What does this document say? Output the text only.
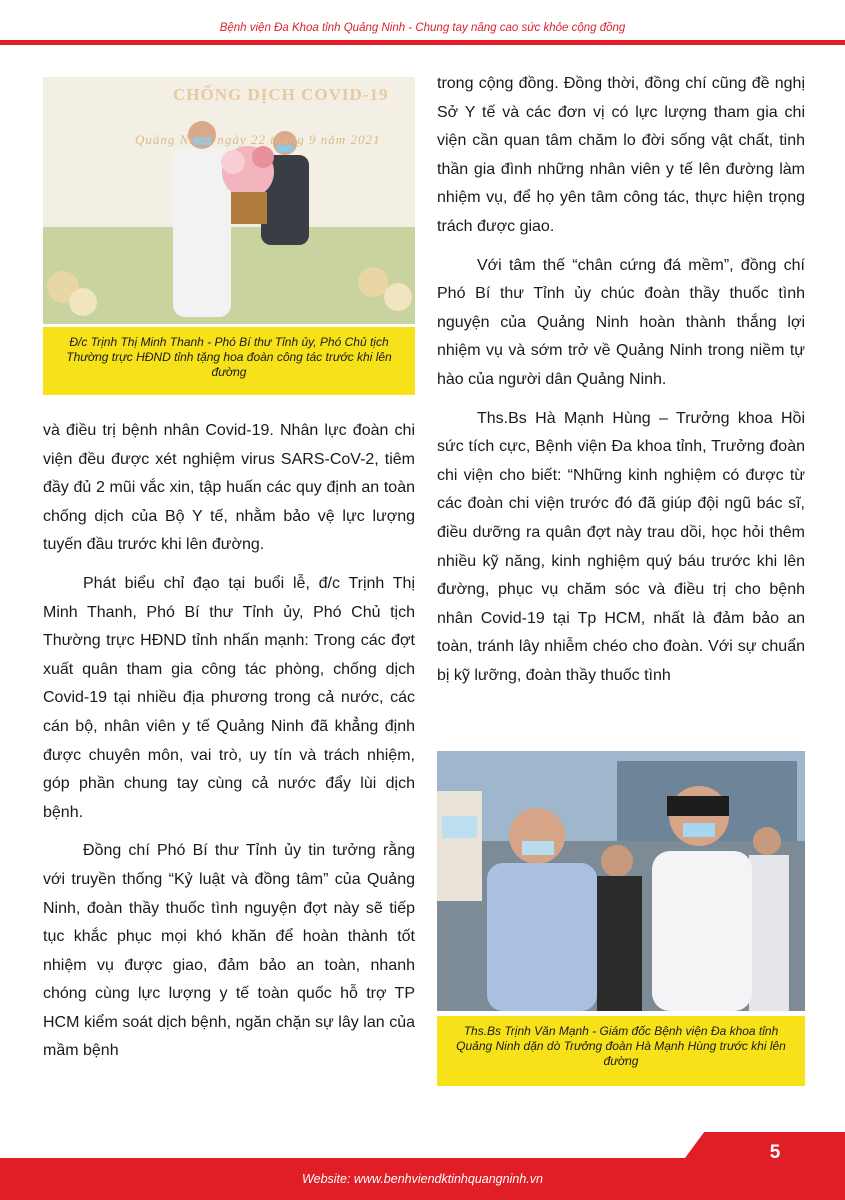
Bệnh viện Đa Khoa tỉnh Quảng Ninh - Chung tay nâng cao sức khỏe cộng đồng
CHỐNG DỊCH COVID-19
Quảng Ninh, ngày 22 tháng 9 năm 2021
Đ/c Trịnh Thị Minh Thanh - Phó Bí thư Tỉnh ủy, Phó Chủ tịch Thường trực HĐND tỉnh tặng hoa đoàn công tác trước khi lên đường

và điều trị bệnh nhân Covid-19. Nhân lực đoàn chi viện đều được xét nghiệm virus SARS-CoV-2, tiêm đầy đủ 2 mũi vắc xin, tập huấn các quy định an toàn chống dịch của Bộ Y tế, nhằm bảo vệ lực lượng tuyến đầu trước khi lên đường.

Phát biểu chỉ đạo tại buổi lễ, đ/c Trịnh Thị Minh Thanh, Phó Bí thư Tỉnh ủy, Phó Chủ tịch Thường trực HĐND tỉnh nhấn mạnh: Trong các đợt xuất quân tham gia công tác phòng, chống dịch Covid-19 tại nhiều địa phương trong cả nước, các cán bộ, nhân viên y tế Quảng Ninh đã khẳng định được chuyên môn, vai trò, uy tín và trách nhiệm, góp phần chung tay cùng cả nước đẩy lùi dịch bệnh.

Đồng chí Phó Bí thư Tỉnh ủy tin tưởng rằng với truyền thống “Kỷ luật và đồng tâm” của Quảng Ninh, đoàn thầy thuốc tình nguyện đợt này sẽ tiếp tục khắc phục mọi khó khăn để hoàn thành tốt nhiệm vụ được giao, đảm bảo an toàn, nhanh chóng cùng lực lượng y tế toàn quốc hỗ trợ TP HCM kiểm soát dịch bệnh, ngăn chặn sự lây lan của mầm bệnh

trong cộng đồng. Đồng thời, đồng chí cũng đề nghị Sở Y tế và các đơn vị có lực lượng tham gia chi viện cần quan tâm chăm lo đời sống vật chất, tinh thần gia đình những nhân viên y tế lên đường làm nhiệm vụ, để họ yên tâm công tác, thực hiện trọng trách được giao.

Với tâm thế “chân cứng đá mềm”, đồng chí Phó Bí thư Tỉnh ủy chúc đoàn thầy thuốc tình nguyện của Quảng Ninh hoàn thành thắng lợi nhiệm vụ và sớm trở về Quảng Ninh trong niềm tự hào của người dân Quảng Ninh.

Ths.Bs Hà Mạnh Hùng – Trưởng khoa Hồi sức tích cực, Bệnh viện Đa khoa tỉnh, Trưởng đoàn chi viện cho biết: “Những kinh nghiệm có được từ các đoàn chi viện trước đó đã giúp đội ngũ bác sĩ, điều dưỡng ra quân đợt này trau dồi, học hỏi thêm nhiều kỹ năng, kinh nghiệm quý báu trước khi lên đường, phục vụ chăm sóc và điều trị cho bệnh nhân Covid-19 tại Tp HCM, nhất là đảm bảo an toàn, tránh lây nhiễm chéo cho đoàn. Với sự chuẩn bị kỹ lưỡng, đoàn thầy thuốc tình

Ths.Bs Trịnh Văn Mạnh - Giám đốc Bệnh viện Đa khoa tỉnh Quảng Ninh dặn dò Trưởng đoàn Hà Mạnh Hùng trước khi lên đường
5
Website: www.benhviendktinhquangninh.vn
